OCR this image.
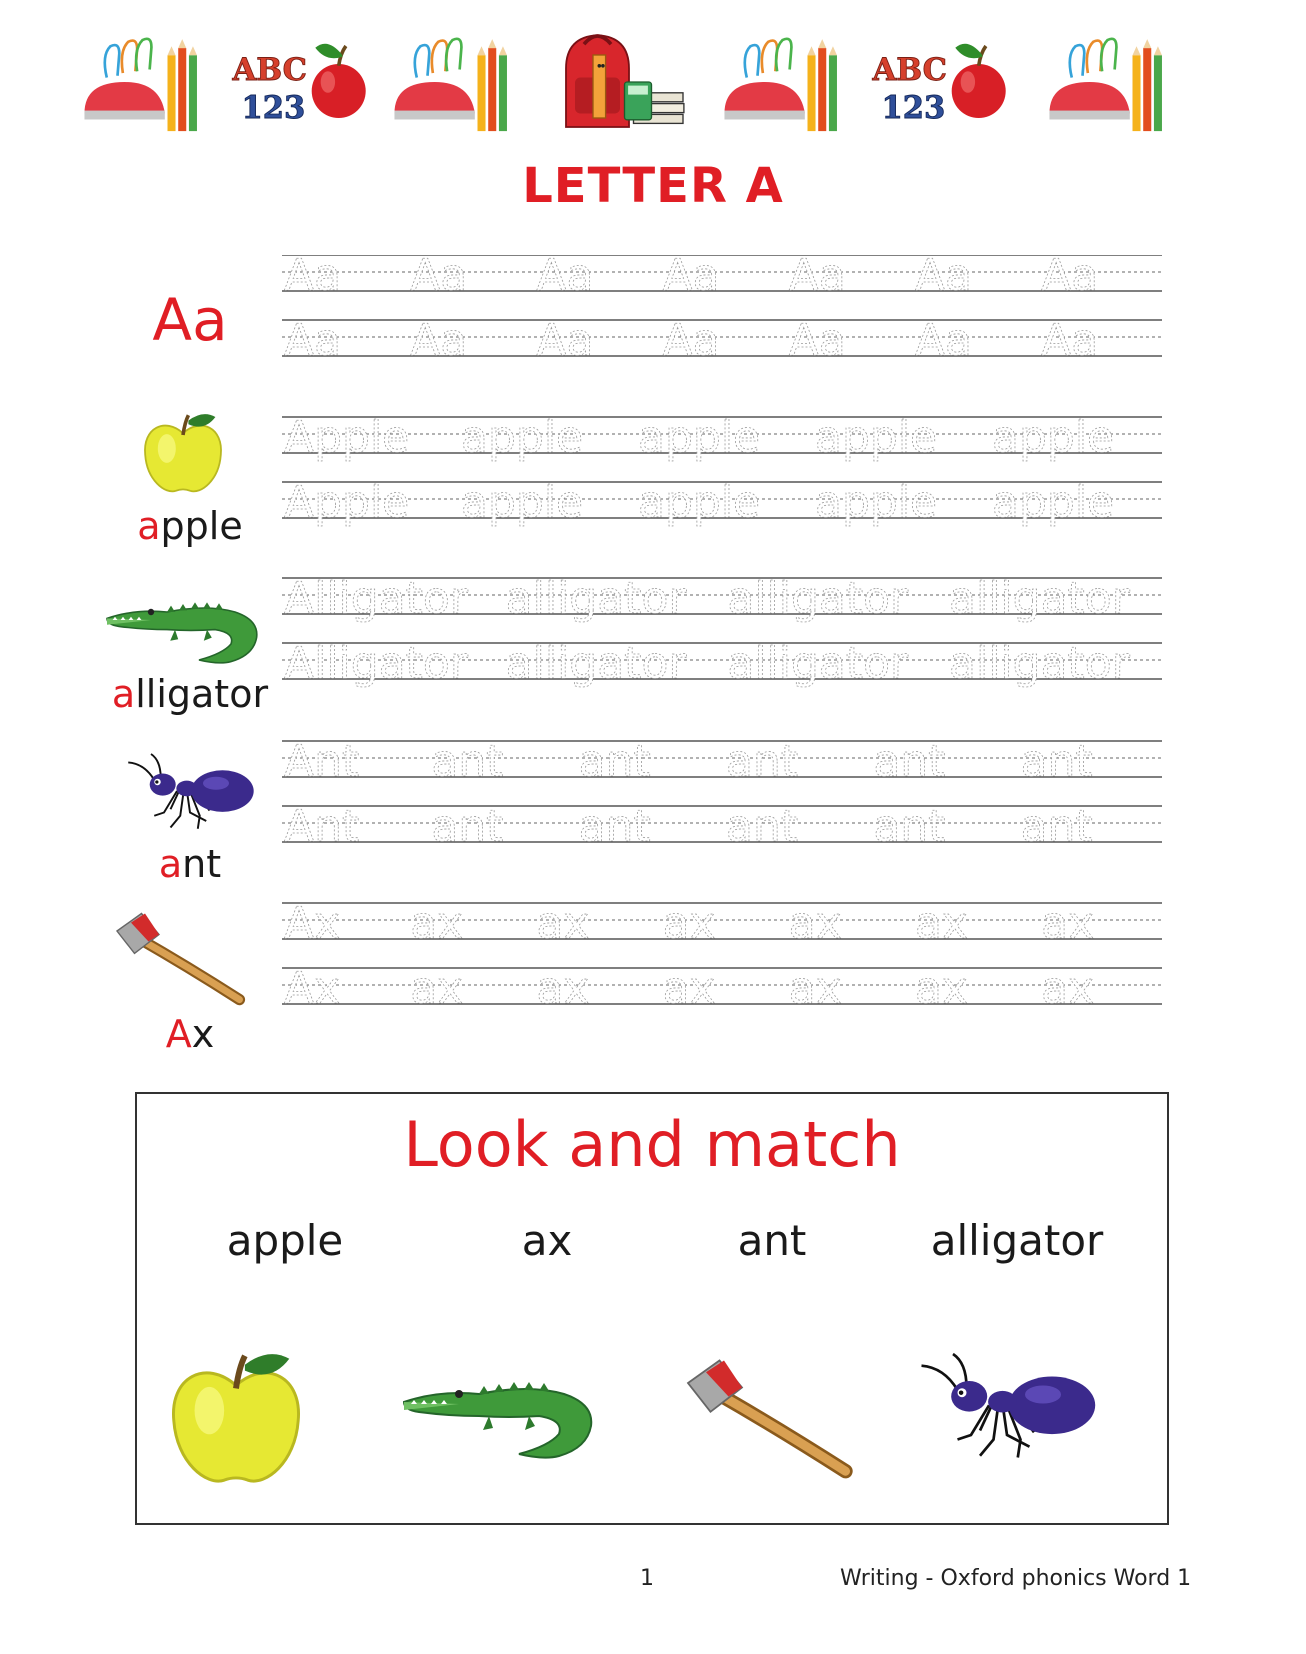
LETTER A
Aa
apple
alligator
ant
Ax
Aa Aa Aa Aa Aa Aa Aa
Aa Aa Aa Aa Aa Aa Aa
Apple apple apple apple apple
Apple apple apple apple apple
Alligator alligator alligator alligator
Alligator alligator alligator alligator
Ant ant ant ant ant ant
Ant ant ant ant ant ant
Ax ax ax ax ax ax ax
Ax ax ax ax ax ax ax
Look and match
apple	ax	ant	alligator
1	Writing - Oxford phonics Word 1
